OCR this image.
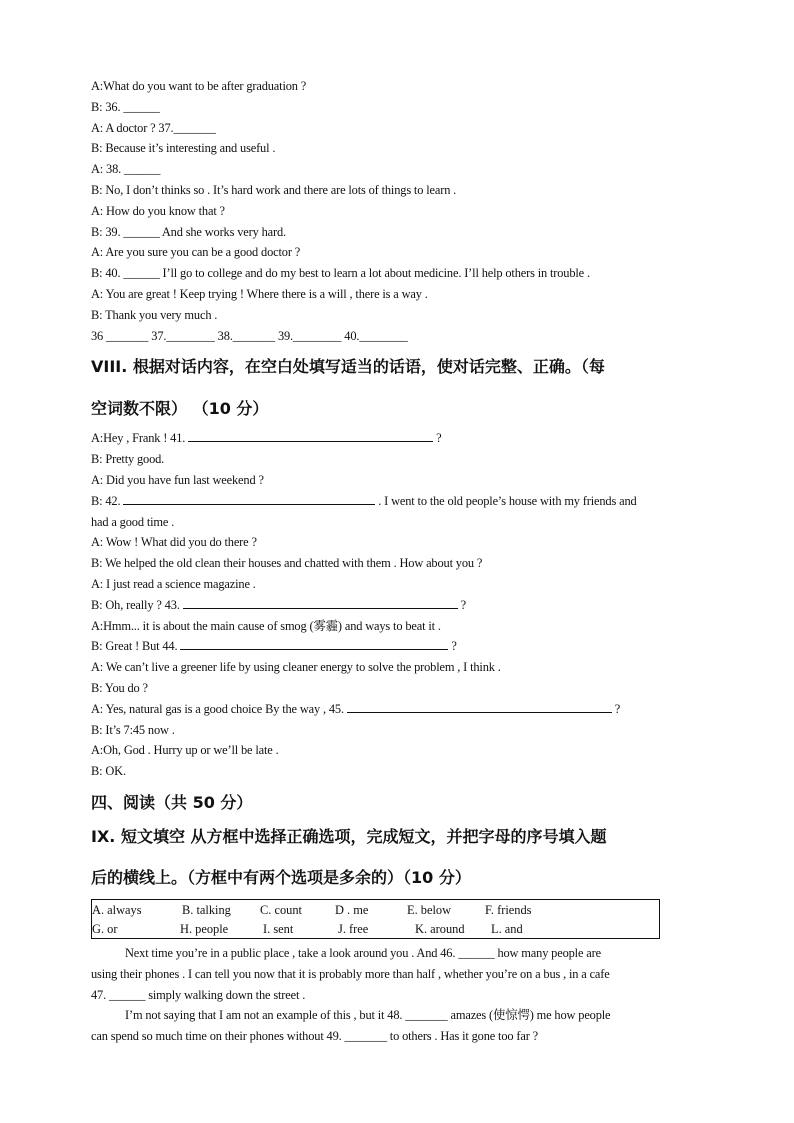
A:What do you want to be after graduation ?
B: 36. ______
A: A doctor ? 37._______
B: Because it’s interesting and useful .
A: 38. ______
B: No, I don’t thinks so . It’s hard work and there are lots of things to learn .
A: How do you know that ?
B: 39. ______ And she works very hard.
A: Are you sure you can be a good doctor ?
B: 40. ______ I’ll go to college and do my best to learn a lot about medicine. I’ll help others in trouble .
A: You are great ! Keep trying ! Where there is a will , there is a way .
B: Thank you very much .
36 _______ 37.________ 38._______ 39.________ 40.________
VIII. 根据对话内容，在空白处填写适当的话语，使对话完整、正确。（每
空词数不限） （10 分）
A:Hey , Frank ! 41.	?
B: Pretty good.
A: Did you have fun last weekend ?
B: 42.	. I went to the old people’s house with my friends and
had a good time .
A: Wow ! What did you do there ?
B: We helped the old clean their houses and chatted with them . How about you ?
A: I just read a science magazine .
B: Oh, really ? 43.	?
A:Hmm... it is about the main cause of smog (雾霾) and ways to beat it .
B: Great ! But 44.	?
A: We can’t live a greener life by using cleaner energy to solve the problem , I think .
B: You do ?
A: Yes, natural gas is a good choice By the way , 45.	?
B: It’s 7:45 now .
A:Oh, God . Hurry up or we’ll be late .
B: OK.
四、阅读（共 50 分）
IX. 短文填空 从方框中选择正确选项，完成短文，并把字母的序号填入题
后的横线上。（方框中有两个选项是多余的）（10 分）
A. always	B. talking C. count	D . me	E. below	F. friends
G. or	H. people	I. sent	J. free	K. around L. and
Next time you’re in a public place , take a look around you . And 46. ______ how many people are
using their phones . I can tell you now that it is probably more than half , whether you’re on a bus , in a cafe
47. ______ simply walking down the street .
I’m not saying that I am not an example of this , but it 48. _______ amazes (使惊愕) me how people
can spend so much time on their phones without 49. _______ to others . Has it gone too far ?
